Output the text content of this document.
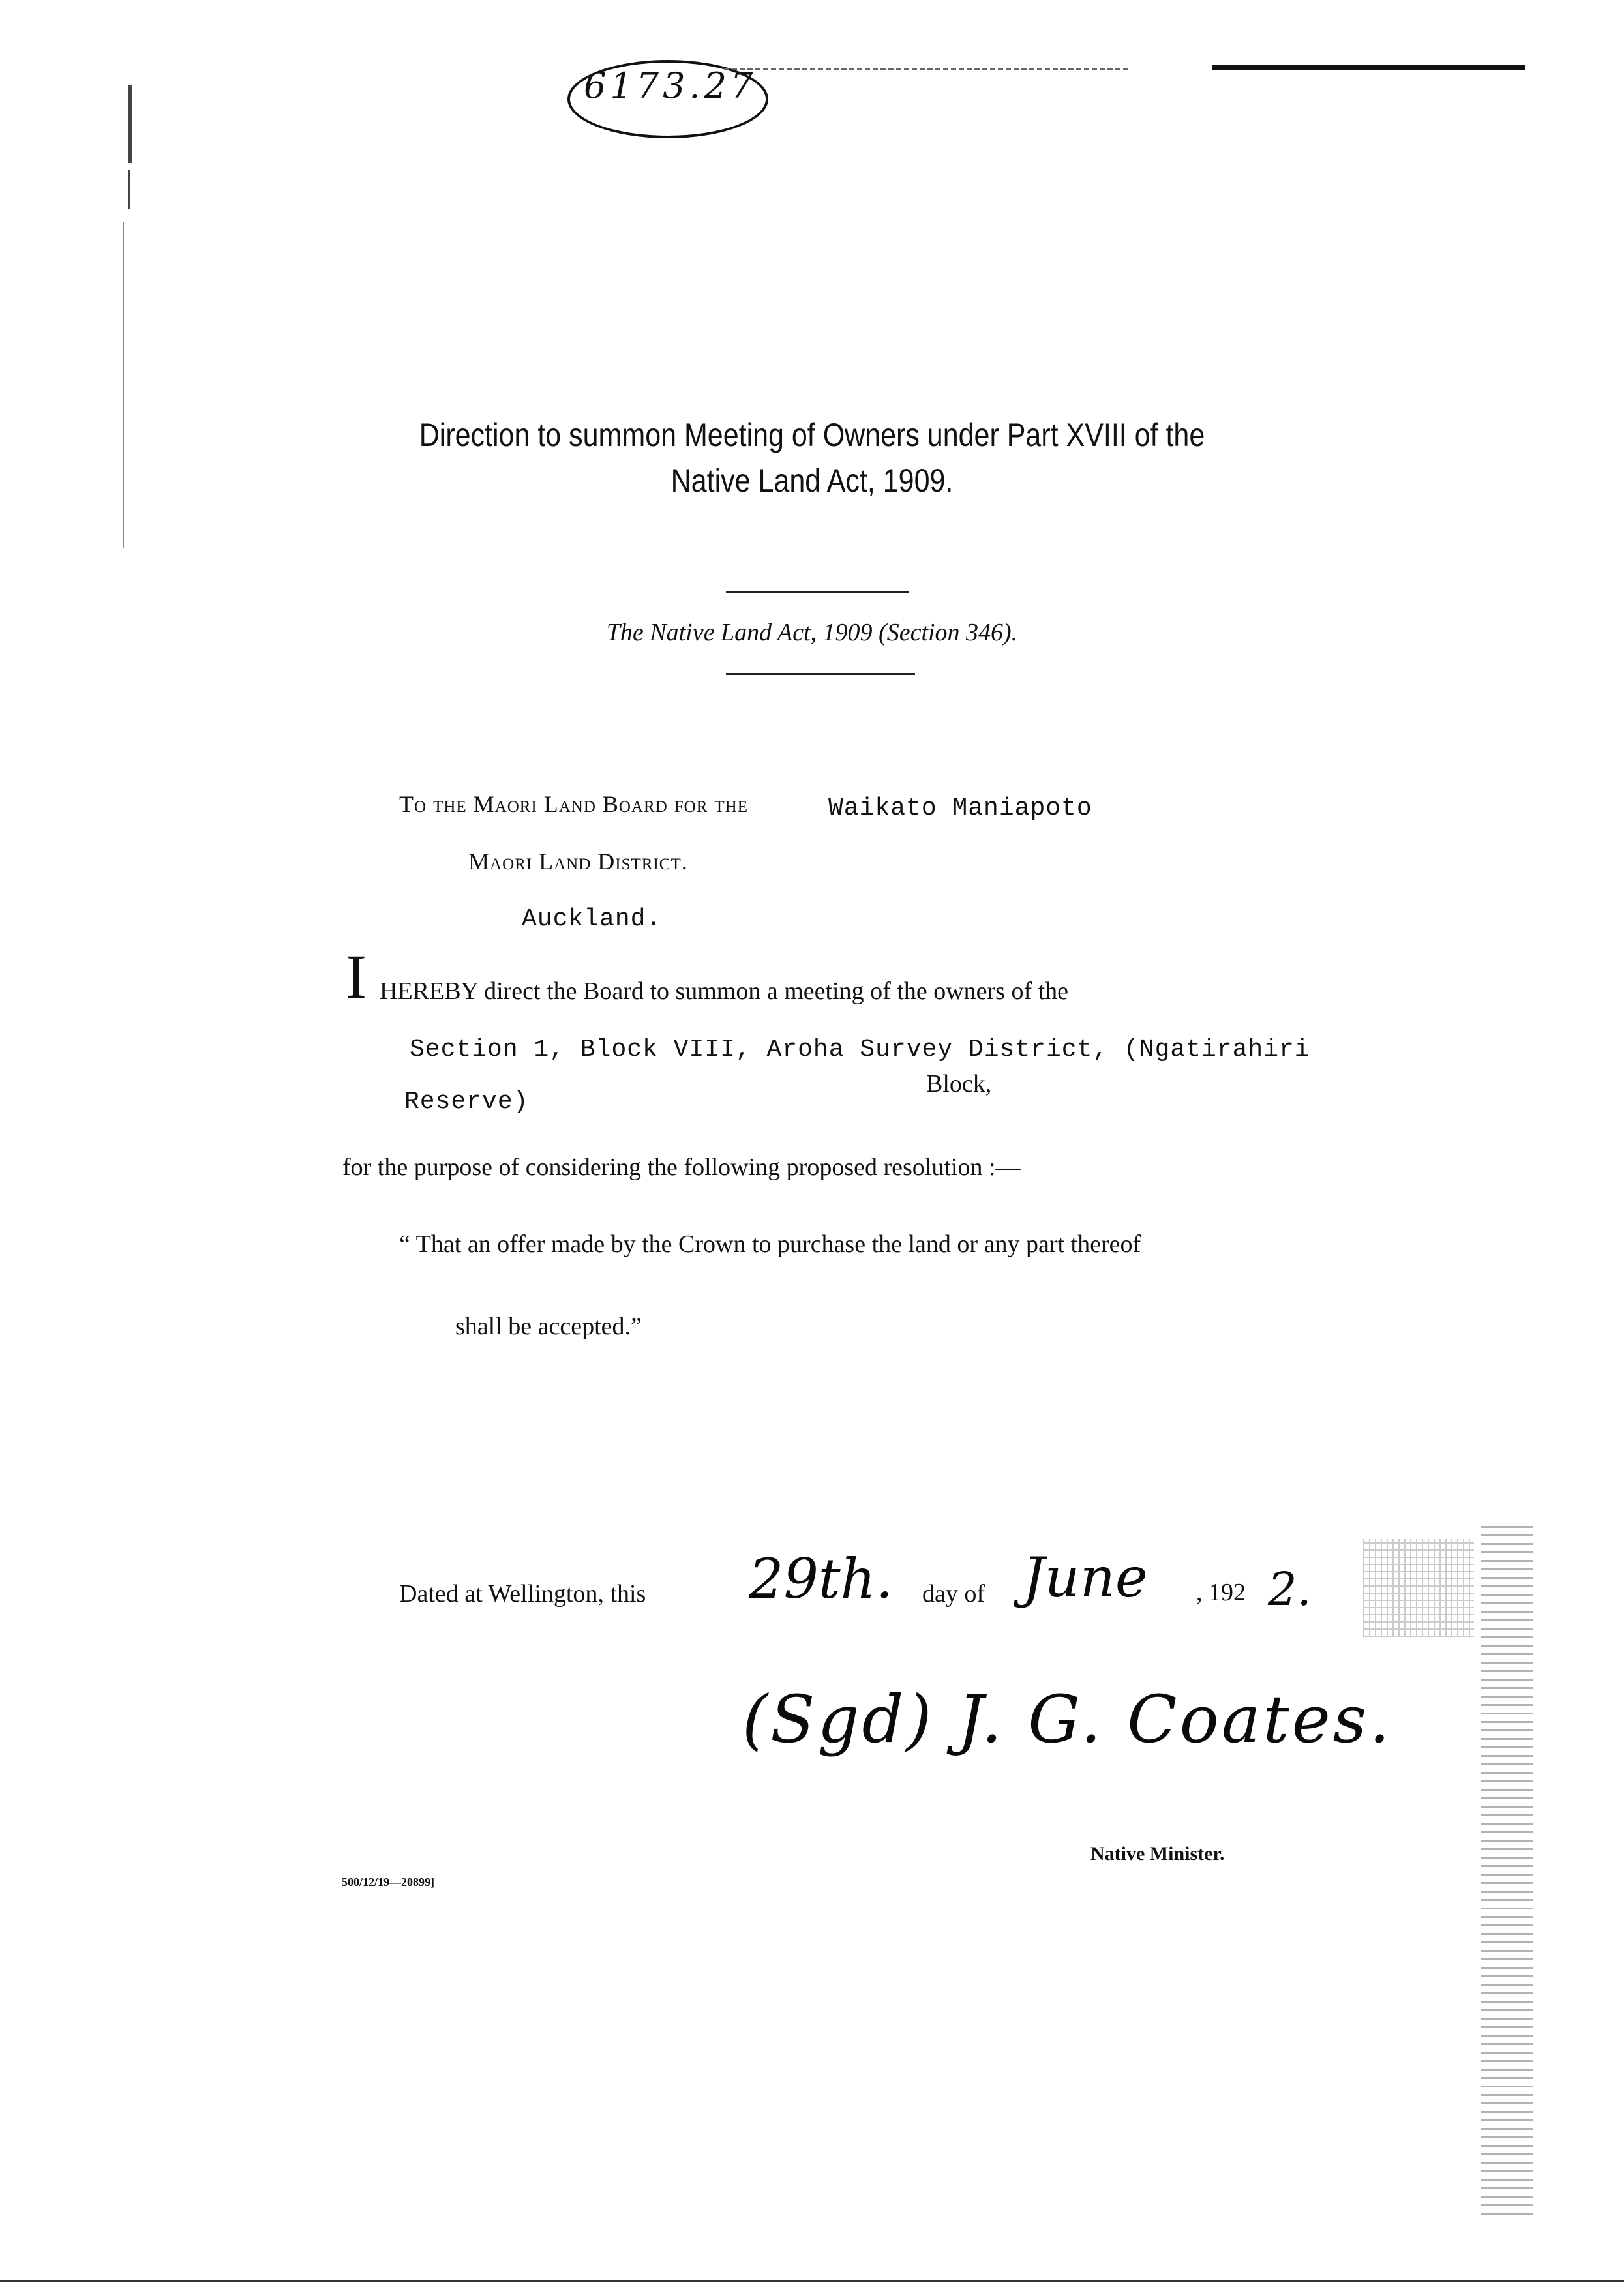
6173.27
Direction to summon Meeting of Owners under Part XVIII of the
Native Land Act, 1909.
The Native Land Act, 1909 (Section 346).
To the Maori Land Board for the	Waikato Maniapoto
Maori Land District.
Auckland.
I HEREBY direct the Board to summon a meeting of the owners of the
Section 1, Block VIII, Aroha Survey District, (Ngatirahiri
Block,
Reserve)
for the purpose of considering the following proposed resolution :—
“ That an offer made by the Crown to purchase the land or any part thereof
shall be accepted.”
Dated at Wellington, this 29th. day of June , 192 2.
(Sgd) J. G. Coates.
Native Minister.
500/12/19—20899]
